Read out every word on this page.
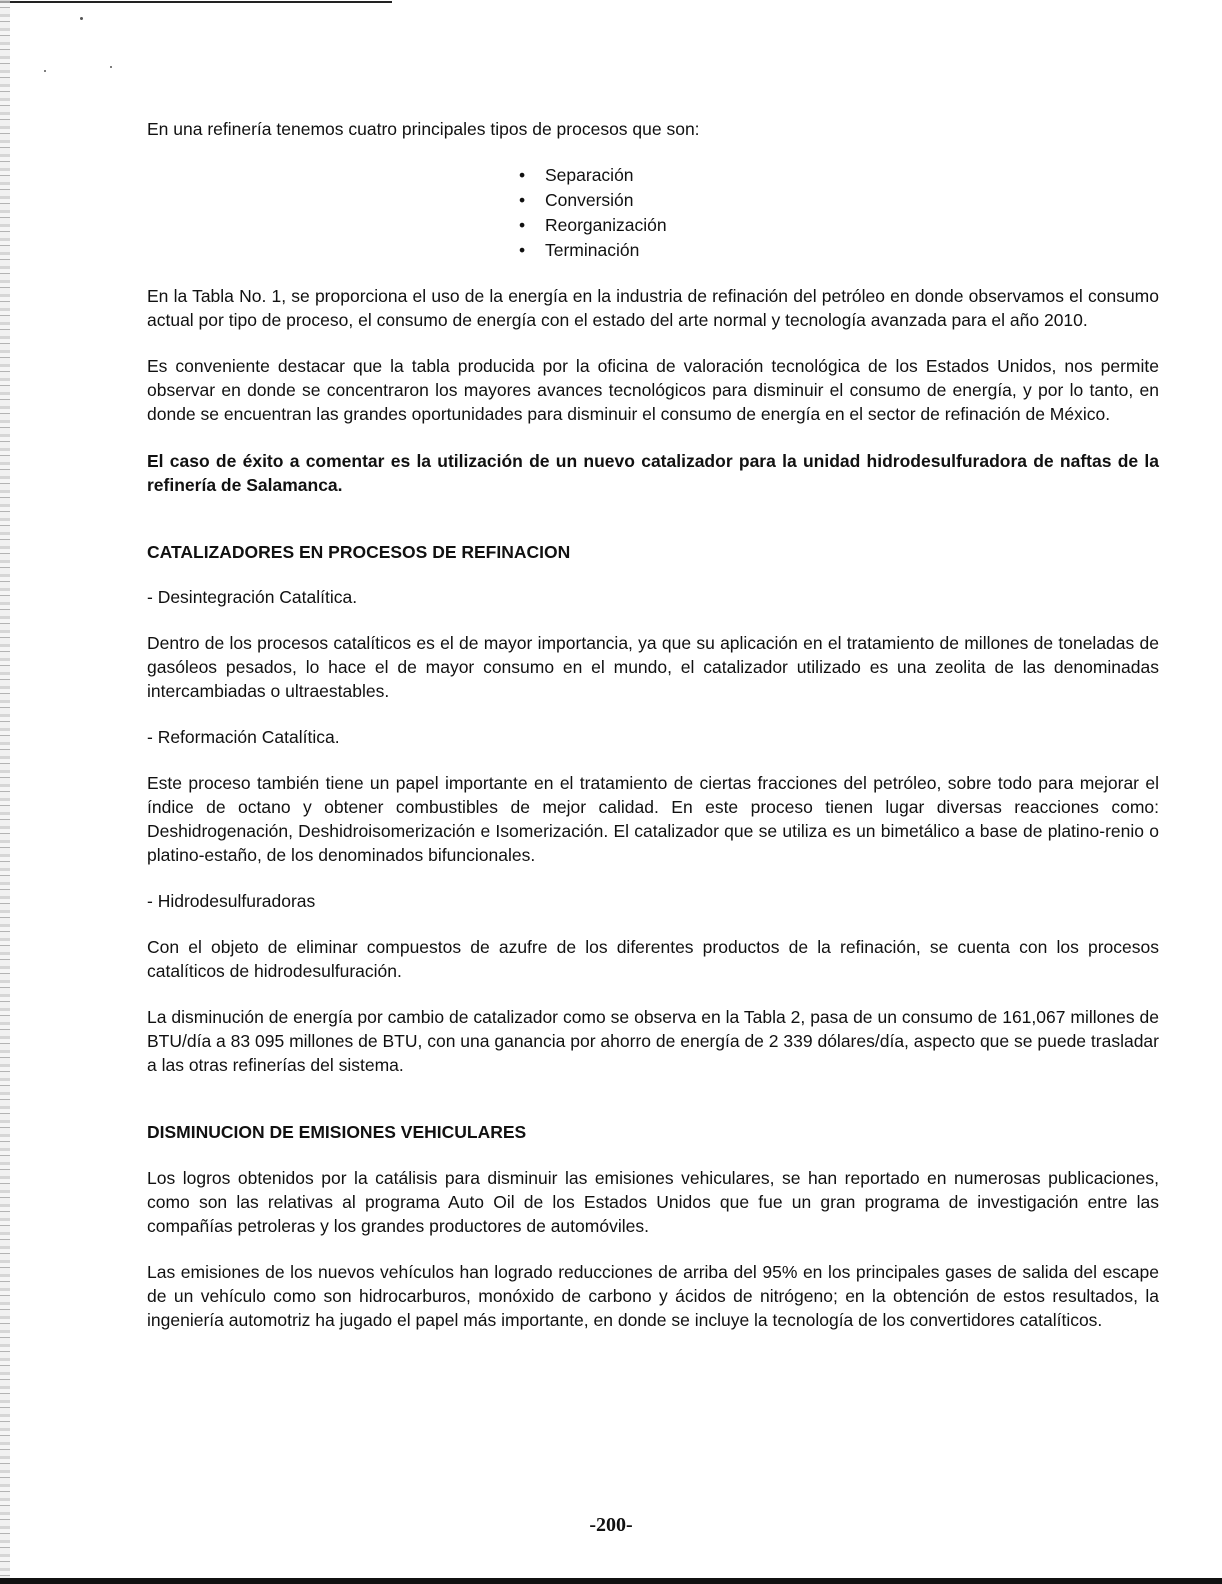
En una refinería tenemos cuatro principales tipos de procesos que son:

• Separación
• Conversión
• Reorganización
• Terminación

En la Tabla No. 1, se proporciona el uso de la energía en la industria de refinación del petróleo en donde observamos el consumo actual por tipo de proceso, el consumo de energía con el estado del arte normal y tecnología avanzada para el año 2010.

Es conveniente destacar que la tabla producida por la oficina de valoración tecnológica de los Estados Unidos, nos permite observar en donde se concentraron los mayores avances tecnológicos para disminuir el consumo de energía, y por lo tanto, en donde se encuentran las grandes oportunidades para disminuir el consumo de energía en el sector de refinación de México.

El caso de éxito a comentar es la utilización de un nuevo catalizador para la unidad hidrodesulfuradora de naftas de la refinería de Salamanca.

CATALIZADORES EN PROCESOS DE REFINACION

- Desintegración Catalítica.

Dentro de los procesos catalíticos es el de mayor importancia, ya que su aplicación en el tratamiento de millones de toneladas de gasóleos pesados, lo hace el de mayor consumo en el mundo, el catalizador utilizado es una zeolita de las denominadas intercambiadas o ultraestables.

- Reformación Catalítica.

Este proceso también tiene un papel importante en el tratamiento de ciertas fracciones del petróleo, sobre todo para mejorar el índice de octano y obtener combustibles de mejor calidad. En este proceso tienen lugar diversas reacciones como: Deshidrogenación, Deshidroisomerización e Isomerización. El catalizador que se utiliza es un bimetálico a base de platino-renio o platino-estaño, de los denominados bifuncionales.

- Hidrodesulfuradoras

Con el objeto de eliminar compuestos de azufre de los diferentes productos de la refinación, se cuenta con los procesos catalíticos de hidrodesulfuración.

La disminución de energía por cambio de catalizador como se observa en la Tabla 2, pasa de un consumo de 161,067 millones de BTU/día a 83 095 millones de BTU, con una ganancia por ahorro de energía de 2 339 dólares/día, aspecto que se puede trasladar a las otras refinerías del sistema.

DISMINUCION DE EMISIONES VEHICULARES

Los logros obtenidos por la catálisis para disminuir las emisiones vehiculares, se han reportado en numerosas publicaciones, como son las relativas al programa Auto Oil de los Estados Unidos que fue un gran programa de investigación entre las compañías petroleras y los grandes productores de automóviles.

Las emisiones de los nuevos vehículos han logrado reducciones de arriba del 95% en los principales gases de salida del escape de un vehículo como son hidrocarburos, monóxido de carbono y ácidos de nitrógeno; en la obtención de estos resultados, la ingeniería automotriz ha jugado el papel más importante, en donde se incluye la tecnología de los convertidores catalíticos.

-200-
